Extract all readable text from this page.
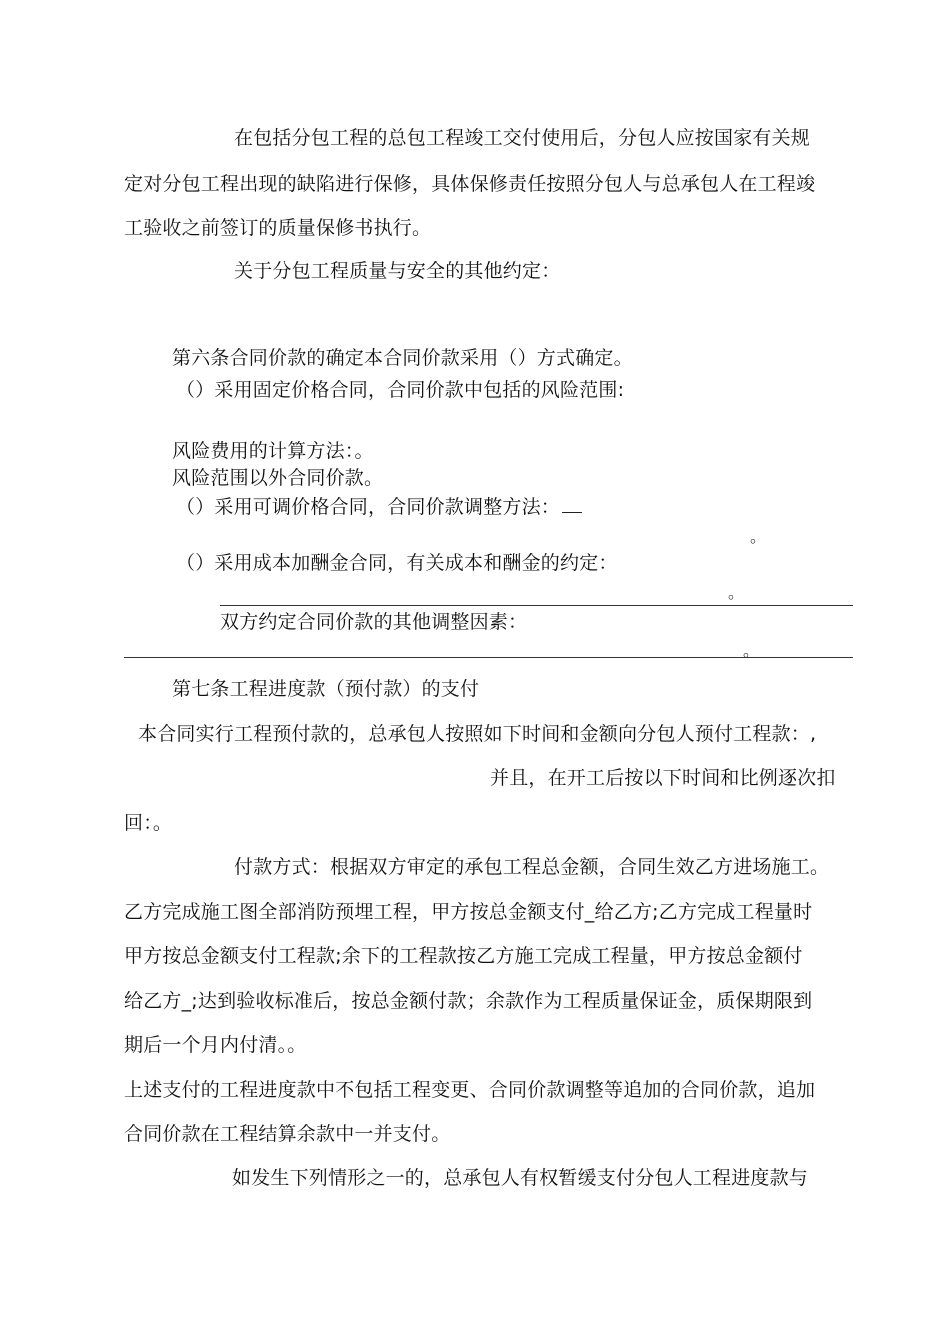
在包括分包工程的总包工程竣工交付使用后，分包人应按国家有关规
定对分包工程出现的缺陷进行保修，具体保修责任按照分包人与总承包人在工程竣
工验收之前签订的质量保修书执行。
关于分包工程质量与安全的其他约定：
第六条合同价款的确定本合同价款采用（）方式确定。
（）采用固定价格合同，合同价款中包括的风险范围:
风险费用的计算方法：。
风险范围以外合同价款。
（）采用可调价格合同，合同价款调整方法：
。
（）采用成本加酬金合同，有关成本和酬金的约定：
。
双方约定合同价款的其他调整因素：
。
第七条工程进度款（预付款）的支付
本合同实行工程预付款的，总承包人按照如下时间和金额向分包人预付工程款：,
并且，在开工后按以下时间和比例逐次扣
回：。
付款方式：根据双方审定的承包工程总金额，合同生效乙方进场施工。
乙方完成施工图全部消防预埋工程，甲方按总金额支付_给乙方;乙方完成工程量时
甲方按总金额支付工程款;余下的工程款按乙方施工完成工程量，甲方按总金额付
给乙方_;达到验收标准后，按总金额付款；余款作为工程质量保证金，质保期限到
期后一个月内付清。。
上述支付的工程进度款中不包括工程变更、合同价款调整等追加的合同价款，追加
合同价款在工程结算余款中一并支付。
如发生下列情形之一的，总承包人有权暂缓支付分包人工程进度款与
